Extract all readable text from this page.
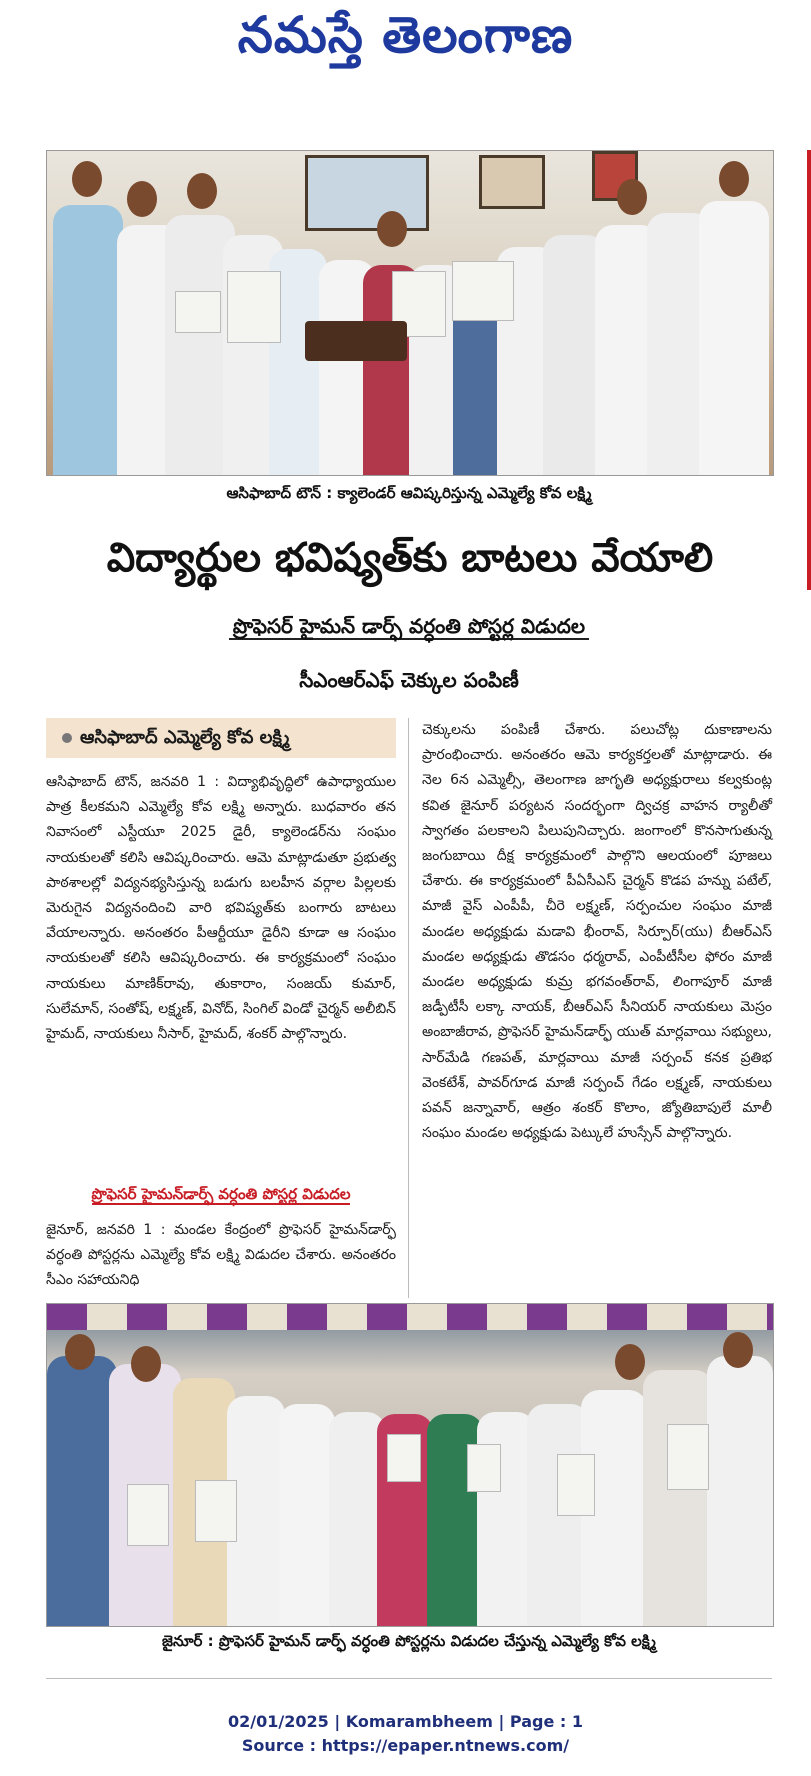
నమస్తే తెలంగాణ
ఆసిఫాబాద్ టౌన్ : క్యాలెండర్ ఆవిష్కరిస్తున్న ఎమ్మెల్యే కోవ లక్ష్మి
విద్యార్థుల భవిష్యత్‌కు బాటలు వేయాలి
ప్రొఫెసర్ హైమన్ డార్ఫ్ వర్ధంతి పోస్టర్ల విడుదల
సీఎంఆర్‌ఎఫ్ చెక్కుల పంపిణీ
ఆసిఫాబాద్ ఎమ్మెల్యే కోవ లక్ష్మి
ఆసిఫాబాద్ టౌన్, జనవరి 1 : విద్యాభివృద్ధిలో ఉపాధ్యాయుల పాత్ర కీలకమని ఎమ్మెల్యే కోవ లక్ష్మి అన్నారు. బుధవారం తన నివాసంలో ఎస్టీయూ 2025 డైరీ, క్యాలెండర్‌ను సంఘం నాయకులతో కలిసి ఆవిష్కరించారు. ఆమె మాట్లాడుతూ ప్రభుత్వ పాఠశాలల్లో విద్యనభ్యసిస్తున్న బడుగు బలహీన వర్గాల పిల్లలకు మెరుగైన విద్యనందించి వారి భవిష్యత్‌కు బంగారు బాటలు వేయాలన్నారు. అనంతరం పీఆర్టీయూ డైరీని కూడా ఆ సంఘం నాయకులతో కలిసి ఆవిష్కరించారు. ఈ కార్యక్రమంలో సంఘం నాయకులు మాణిక్‌రావు, తుకారాం, సంజయ్ కుమార్, సులేమాన్, సంతోష్, లక్ష్మణ్, వినోద్, సింగిల్ విండో చైర్మన్ అలీబిన్ హైమద్, నాయకులు నీసార్, హైమద్, శంకర్ పాల్గొన్నారు.
ప్రొఫెసర్ హైమన్‌డార్ఫ్ వర్ధంతి పోస్టర్ల విడుదల
జైనూర్, జనవరి 1 : మండల కేంద్రంలో ప్రొఫెసర్ హైమన్‌డార్ఫ్ వర్ధంతి పోస్టర్లను ఎమ్మెల్యే కోవ లక్ష్మి విడుదల చేశారు. అనంతరం సీఎం సహాయనిధి
చెక్కులను పంపిణీ చేశారు. పలుచోట్ల దుకాణాలను ప్రారంభించారు. అనంతరం ఆమె కార్యకర్తలతో మాట్లాడారు. ఈ నెల 6న ఎమ్మెల్సీ, తెలంగాణ జాగృతి అధ్యక్షురాలు కల్వకుంట్ల కవిత జైనూర్ పర్యటన సందర్భంగా ద్విచక్ర వాహన ర్యాలీతో స్వాగతం పలకాలని పిలుపునిచ్చారు. జంగాంలో కొనసాగుతున్న జంగుబాయి దీక్ష కార్యక్రమంలో పాల్గొని ఆలయంలో పూజలు చేశారు. ఈ కార్యక్రమంలో పీఏసీఎస్ చైర్మన్ కొడప హన్ను పటేల్, మాజీ వైస్ ఎంపీపీ, చీరె లక్ష్మణ్, సర్పంచుల సంఘం మాజీ మండల అధ్యక్షుడు మడావి భీంరావ్, సిర్పూర్(యు) బీఆర్ఎస్ మండల అధ్యక్షుడు తొడసం ధర్మరావ్, ఎంపీటీసీల ఫోరం మాజీ మండల అధ్యక్షుడు కుమ్ర భగవంత్‌రావ్, లింగాపూర్ మాజీ జడ్పీటీసీ లక్కా నాయక్, బీఆర్ఎస్ సీనియర్ నాయకులు మెస్రం అంబాజీరావ, ప్రొఫెసర్ హైమన్‌డార్ఫ్ యుత్ మార్లవాయి సభ్యులు, సార్‌మేడి గణపత్, మార్లవాయి మాజీ సర్పంచ్ కనక ప్రతిభ వెంకటేశ్, పావర్‌గూడ మాజీ సర్పంచ్ గేడం లక్ష్మణ్, నాయకులు పవన్ జన్నావార్, ఆత్రం శంకర్ కొలాం, జ్యోతిబాపులే మాలీ సంఘం మండల అధ్యక్షుడు పెట్కులే హుస్సేన్ పాల్గొన్నారు.
జైనూర్ : ప్రొఫెసర్ హైమన్ డార్ఫ్ వర్ధంతి పోస్టర్లను విడుదల చేస్తున్న ఎమ్మెల్యే కోవ లక్ష్మి
02/01/2025 | Komarambheem | Page : 1
Source : https://epaper.ntnews.com/
